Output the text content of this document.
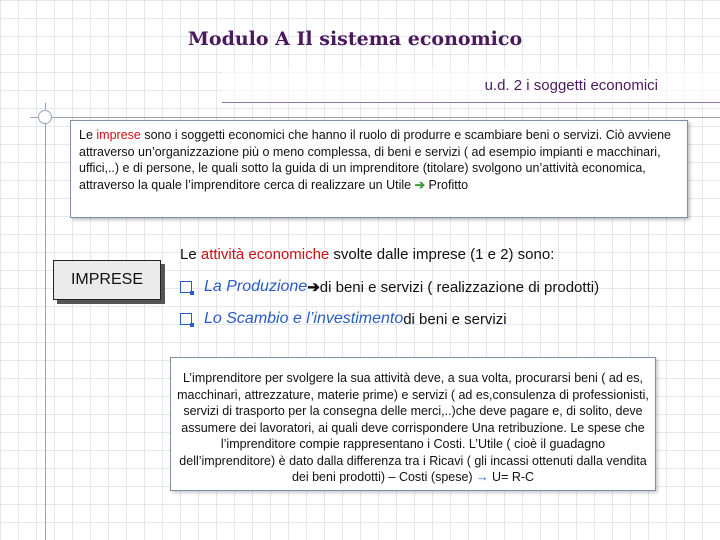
Modulo A Il sistema economico
u.d. 2 i soggetti economici
Le imprese sono i soggetti economici che hanno il ruolo di produrre e scambiare beni o servizi. Ciò avviene attraverso un’organizzazione più o meno complessa, di beni e servizi ( ad esempio impianti e macchinari, uffici,..) e di persone, le quali sotto la guida di un imprenditore (titolare) svolgono un’attività economica, attraverso la quale l’imprenditore cerca di realizzare un Utile ➔ Profitto
Le attività economiche svolte dalle imprese (1 e 2) sono:
IMPRESE	La Produzione ➔ di beni e servizi ( realizzazione di prodotti)
Lo Scambio e l’investimento di beni e servizi
L’imprenditore per svolgere la sua attività deve, a sua volta, procurarsi beni ( ad es, macchinari, attrezzature, materie prime) e servizi ( ad es,consulenza di professionisti, servizi di trasporto per la consegna delle merci,..)che deve pagare e, di solito, deve assumere dei lavoratori, ai quali deve corrispondere Una retribuzione. Le spese che l’imprenditore compie rappresentano i Costi. L’Utile ( cioè il guadagno dell’imprenditore) è dato dalla differenza tra i Ricavi ( gli incassi ottenuti dalla vendita dei beni prodotti) – Costi (spese) → U= R-C
